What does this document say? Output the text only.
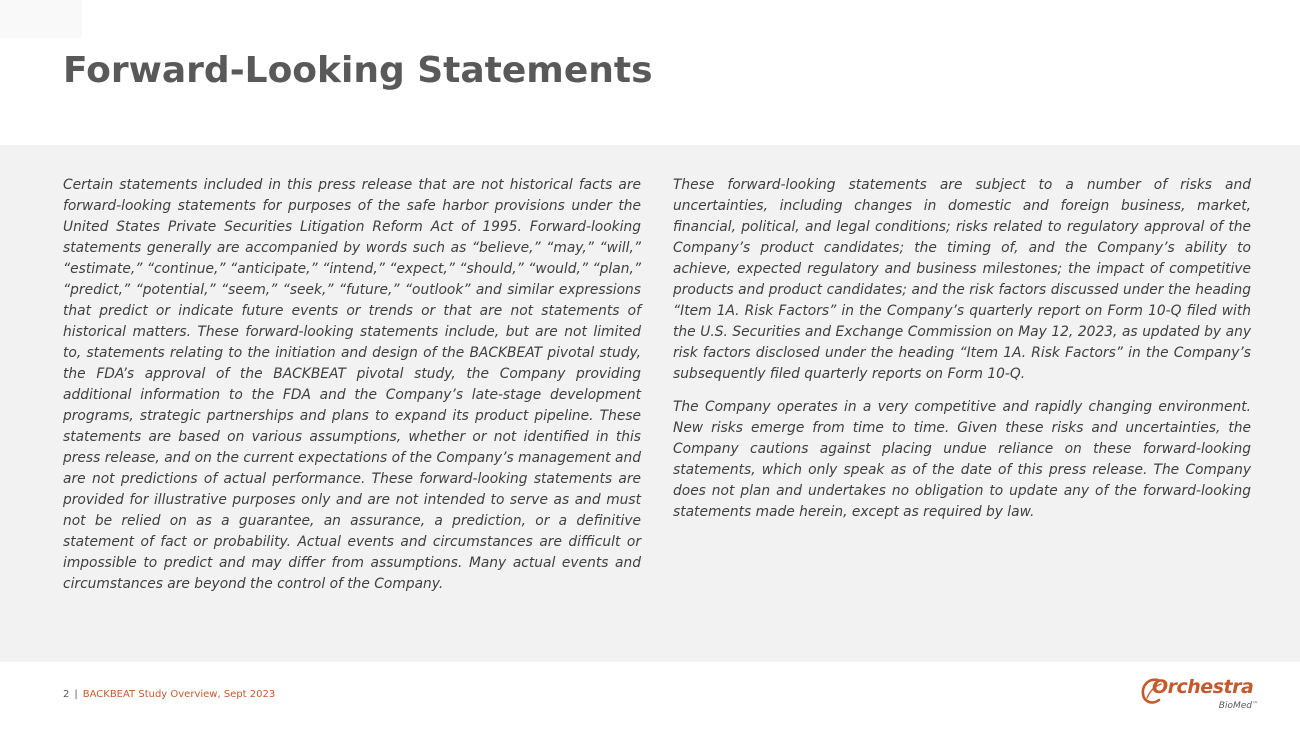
Forward-Looking Statements

Certain statements included in this press release that are not historical facts are forward-looking statements for purposes of the safe harbor provisions under the United States Private Securities Litigation Reform Act of 1995. Forward-looking statements generally are accompanied by words such as “believe,” “may,” “will,” “estimate,” “continue,” “anticipate,” “intend,” “expect,” “should,” “would,” “plan,” “predict,” “potential,” “seem,” “seek,” “future,” “outlook” and similar expressions that predict or indicate future events or trends or that are not statements of historical matters. These forward-looking statements include, but are not limited to, statements relating to the initiation and design of the BACKBEAT pivotal study, the FDA’s approval of the BACKBEAT pivotal study, the Company providing additional information to the FDA and the Company’s late-stage development programs, strategic partnerships and plans to expand its product pipeline. These statements are based on various assumptions, whether or not identified in this press release, and on the current expectations of the Company’s management and are not predictions of actual performance. These forward-looking statements are provided for illustrative purposes only and are not intended to serve as and must not be relied on as a guarantee, an assurance, a prediction, or a definitive statement of fact or probability. Actual events and circumstances are difficult or impossible to predict and may differ from assumptions. Many actual events and circumstances are beyond the control of the Company.

These forward-looking statements are subject to a number of risks and uncertainties, including changes in domestic and foreign business, market, financial, political, and legal conditions; risks related to regulatory approval of the Company’s product candidates; the timing of, and the Company’s ability to achieve, expected regulatory and business milestones; the impact of competitive products and product candidates; and the risk factors discussed under the heading “Item 1A. Risk Factors” in the Company’s quarterly report on Form 10-Q filed with the U.S. Securities and Exchange Commission on May 12, 2023, as updated by any risk factors disclosed under the heading “Item 1A. Risk Factors” in the Company’s subsequently filed quarterly reports on Form 10-Q.

The Company operates in a very competitive and rapidly changing environment. New risks emerge from time to time. Given these risks and uncertainties, the Company cautions against placing undue reliance on these forward-looking statements, which only speak as of the date of this press release. The Company does not plan and undertakes no obligation to update any of the forward-looking statements made herein, except as required by law.

2 | BACKBEAT Study Overview, Sept 2023	Orchestra
BioMed™
